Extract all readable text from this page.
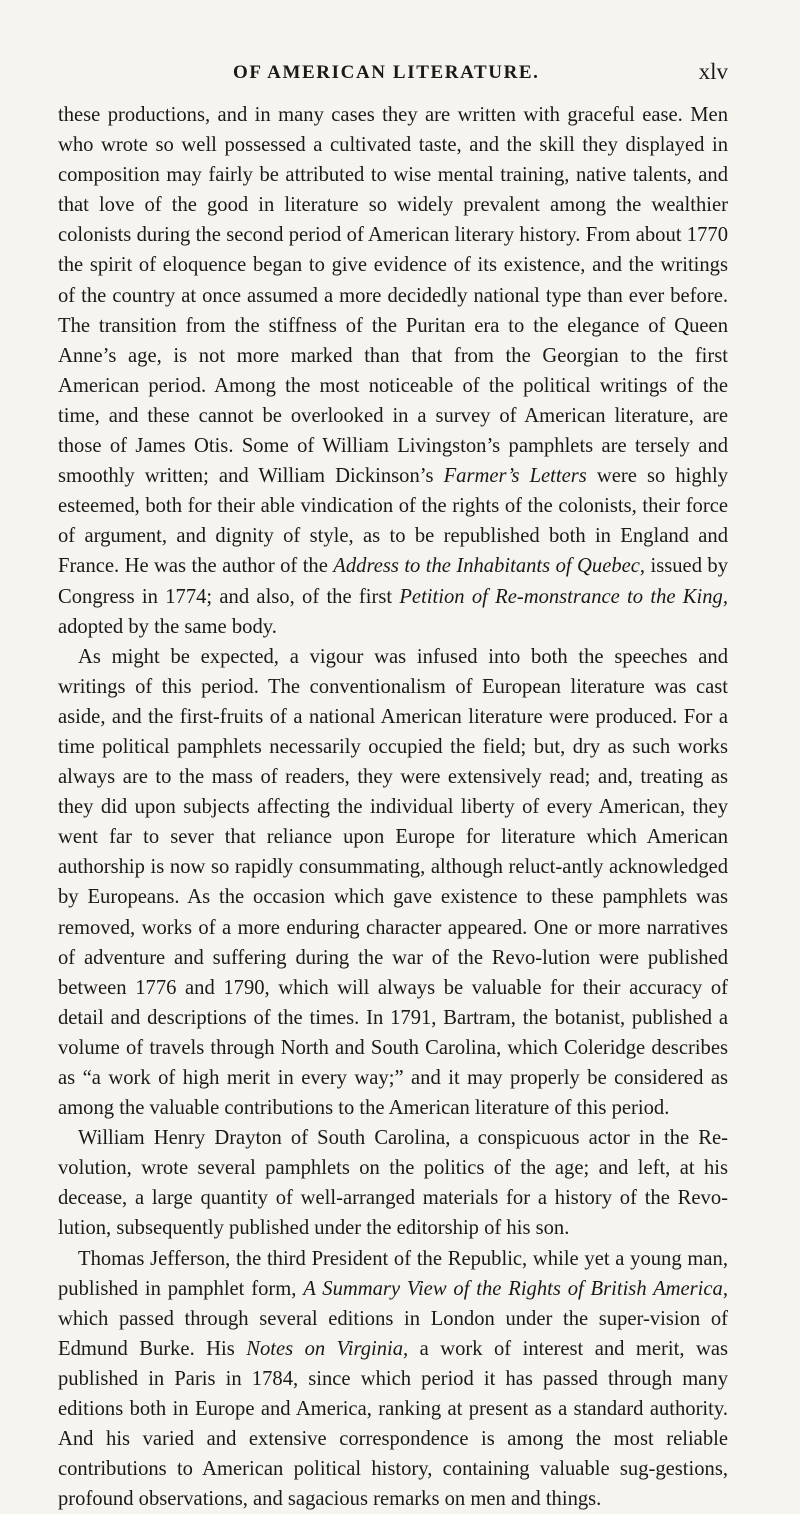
OF AMERICAN LITERATURE.	xlv

these productions, and in many cases they are written with graceful ease. Men who wrote so well possessed a cultivated taste, and the skill they displayed in composition may fairly be attributed to wise mental training, native talents, and that love of the good in literature so widely prevalent among the wealthier colonists during the second period of American literary history. From about 1770 the spirit of eloquence began to give evidence of its existence, and the writings of the country at once assumed a more decidedly national type than ever before. The transition from the stiffness of the Puritan era to the elegance of Queen Anne’s age, is not more marked than that from the Georgian to the first American period. Among the most noticeable of the political writings of the time, and these cannot be overlooked in a survey of American literature, are those of James Otis. Some of William Livingston’s pamphlets are tersely and smoothly written; and William Dickinson’s Farmer’s Letters were so highly esteemed, both for their able vindication of the rights of the colonists, their force of argument, and dignity of style, as to be republished both in England and France. He was the author of the Address to the Inhabitants of Quebec, issued by Congress in 1774; and also, of the first Petition of Re-monstrance to the King, adopted by the same body.

As might be expected, a vigour was infused into both the speeches and writings of this period. The conventionalism of European literature was cast aside, and the first-fruits of a national American literature were produced. For a time political pamphlets necessarily occupied the field; but, dry as such works always are to the mass of readers, they were extensively read; and, treating as they did upon subjects affecting the individual liberty of every American, they went far to sever that reliance upon Europe for literature which American authorship is now so rapidly consummating, although reluct-antly acknowledged by Europeans. As the occasion which gave existence to these pamphlets was removed, works of a more enduring character appeared. One or more narratives of adventure and suffering during the war of the Revo-lution were published between 1776 and 1790, which will always be valuable for their accuracy of detail and descriptions of the times. In 1791, Bartram, the botanist, published a volume of travels through North and South Carolina, which Coleridge describes as “a work of high merit in every way;” and it may properly be considered as among the valuable contributions to the American literature of this period.

William Henry Drayton of South Carolina, a conspicuous actor in the Re-volution, wrote several pamphlets on the politics of the age; and left, at his decease, a large quantity of well-arranged materials for a history of the Revo-lution, subsequently published under the editorship of his son.

Thomas Jefferson, the third President of the Republic, while yet a young man, published in pamphlet form, A Summary View of the Rights of British America, which passed through several editions in London under the super-vision of Edmund Burke. His Notes on Virginia, a work of interest and merit, was published in Paris in 1784, since which period it has passed through many editions both in Europe and America, ranking at present as a standard authority. And his varied and extensive correspondence is among the most reliable contributions to American political history, containing valuable sug-gestions, profound observations, and sagacious remarks on men and things.
